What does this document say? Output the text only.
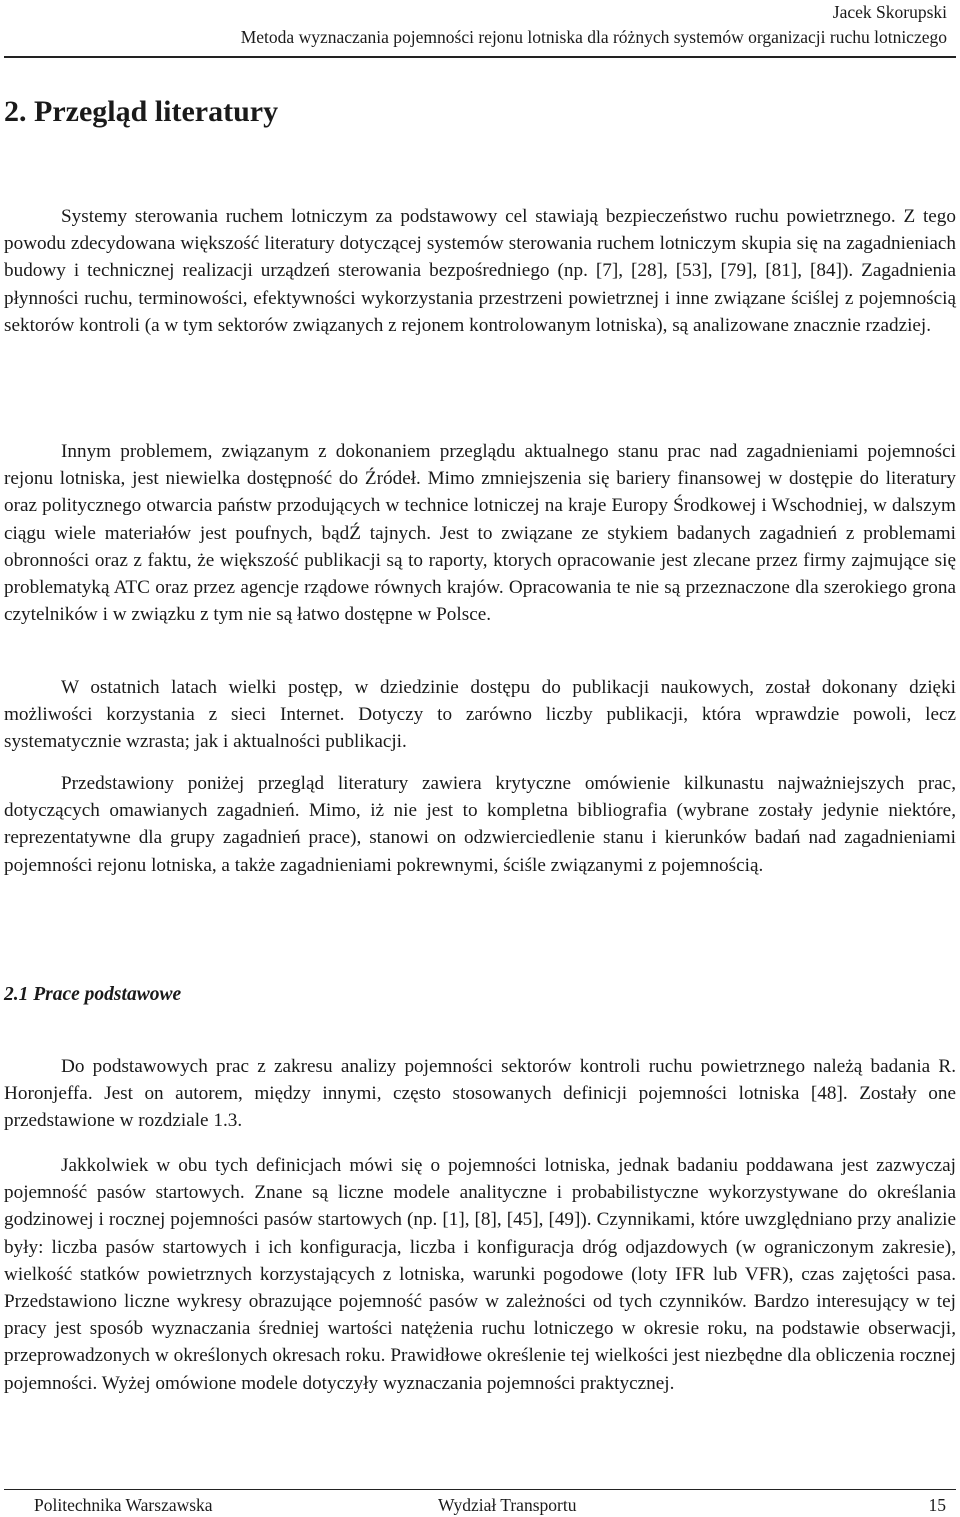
Jacek Skorupski
Metoda wyznaczania pojemności rejonu lotniska dla różnych systemów organizacji ruchu lotniczego
2. Przegląd literatury

Systemy sterowania ruchem lotniczym za podstawowy cel stawiają bezpieczeństwo ruchu powietrznego. Z tego powodu zdecydowana większość literatury dotyczącej systemów sterowania ruchem lotniczym skupia się na zagadnieniach budowy i technicznej realizacji urządzeń sterowania bezpośredniego (np. [7], [28], [53], [79], [81], [84]). Zagadnienia płynności ruchu, terminowości, efektywności wykorzystania przestrzeni powietrznej i inne związane ściślej z pojemnością sektorów kontroli (a w tym sektorów związanych z rejonem kontrolowanym lotniska), są analizowane znacznie rzadziej.

Innym problemem, związanym z dokonaniem przeglądu aktualnego stanu prac nad zagadnieniami pojemności rejonu lotniska, jest niewielka dostępność do Źródeł. Mimo zmniejszenia się bariery finansowej w dostępie do literatury oraz politycznego otwarcia państw przodujących w technice lotniczej na kraje Europy Środkowej i Wschodniej, w dalszym ciągu wiele materiałów jest poufnych, bądŹ tajnych. Jest to związane ze stykiem badanych zagadnień z problemami obronności oraz z faktu, że większość publikacji są to raporty, ktorych opracowanie jest zlecane przez firmy zajmujące się problematyką ATC oraz przez agencje rządowe równych krajów. Opracowania te nie są przeznaczone dla szerokiego grona czytelników i w związku z tym nie są łatwo dostępne w Polsce.

W ostatnich latach wielki postęp, w dziedzinie dostępu do publikacji naukowych, został dokonany dzięki możliwości korzystania z sieci Internet. Dotyczy to zarówno liczby publikacji, która wprawdzie powoli, lecz systematycznie wzrasta; jak i aktualności publikacji.

Przedstawiony poniżej przegląd literatury zawiera krytyczne omówienie kilkunastu najważniejszych prac, dotyczących omawianych zagadnień. Mimo, iż nie jest to kompletna bibliografia (wybrane zostały jedynie niektóre, reprezentatywne dla grupy zagadnień prace), stanowi on odzwierciedlenie stanu i kierunków badań nad zagadnieniami pojemności rejonu lotniska, a także zagadnieniami pokrewnymi, ściśle związanymi z pojemnością.

2.1 Prace podstawowe

Do podstawowych prac z zakresu analizy pojemności sektorów kontroli ruchu powietrznego należą badania R. Horonjeffa. Jest on autorem, między innymi, często stosowanych definicji pojemności lotniska [48]. Zostały one przedstawione w rozdziale 1.3.

Jakkolwiek w obu tych definicjach mówi się o pojemności lotniska, jednak badaniu poddawana jest zazwyczaj pojemność pasów startowych. Znane są liczne modele analityczne i probabilistyczne wykorzystywane do określania godzinowej i rocznej pojemności pasów startowych (np. [1], [8], [45], [49]). Czynnikami, które uwzględniano przy analizie były: liczba pasów startowych i ich konfiguracja, liczba i konfiguracja dróg odjazdowych (w ograniczonym zakresie), wielkość statków powietrznych korzystających z lotniska, warunki pogodowe (loty IFR lub VFR), czas zajętości pasa. Przedstawiono liczne wykresy obrazujące pojemność pasów w zależności od tych czynników. Bardzo interesujący w tej pracy jest sposób wyznaczania średniej wartości natężenia ruchu lotniczego w okresie roku, na podstawie obserwacji, przeprowadzonych w określonych okresach roku. Prawidłowe określenie tej wielkości jest niezbędne dla obliczenia rocznej pojemności. Wyżej omówione modele dotyczyły wyznaczania pojemności praktycznej.

Politechnika Warszawska	Wydział Transportu	15
